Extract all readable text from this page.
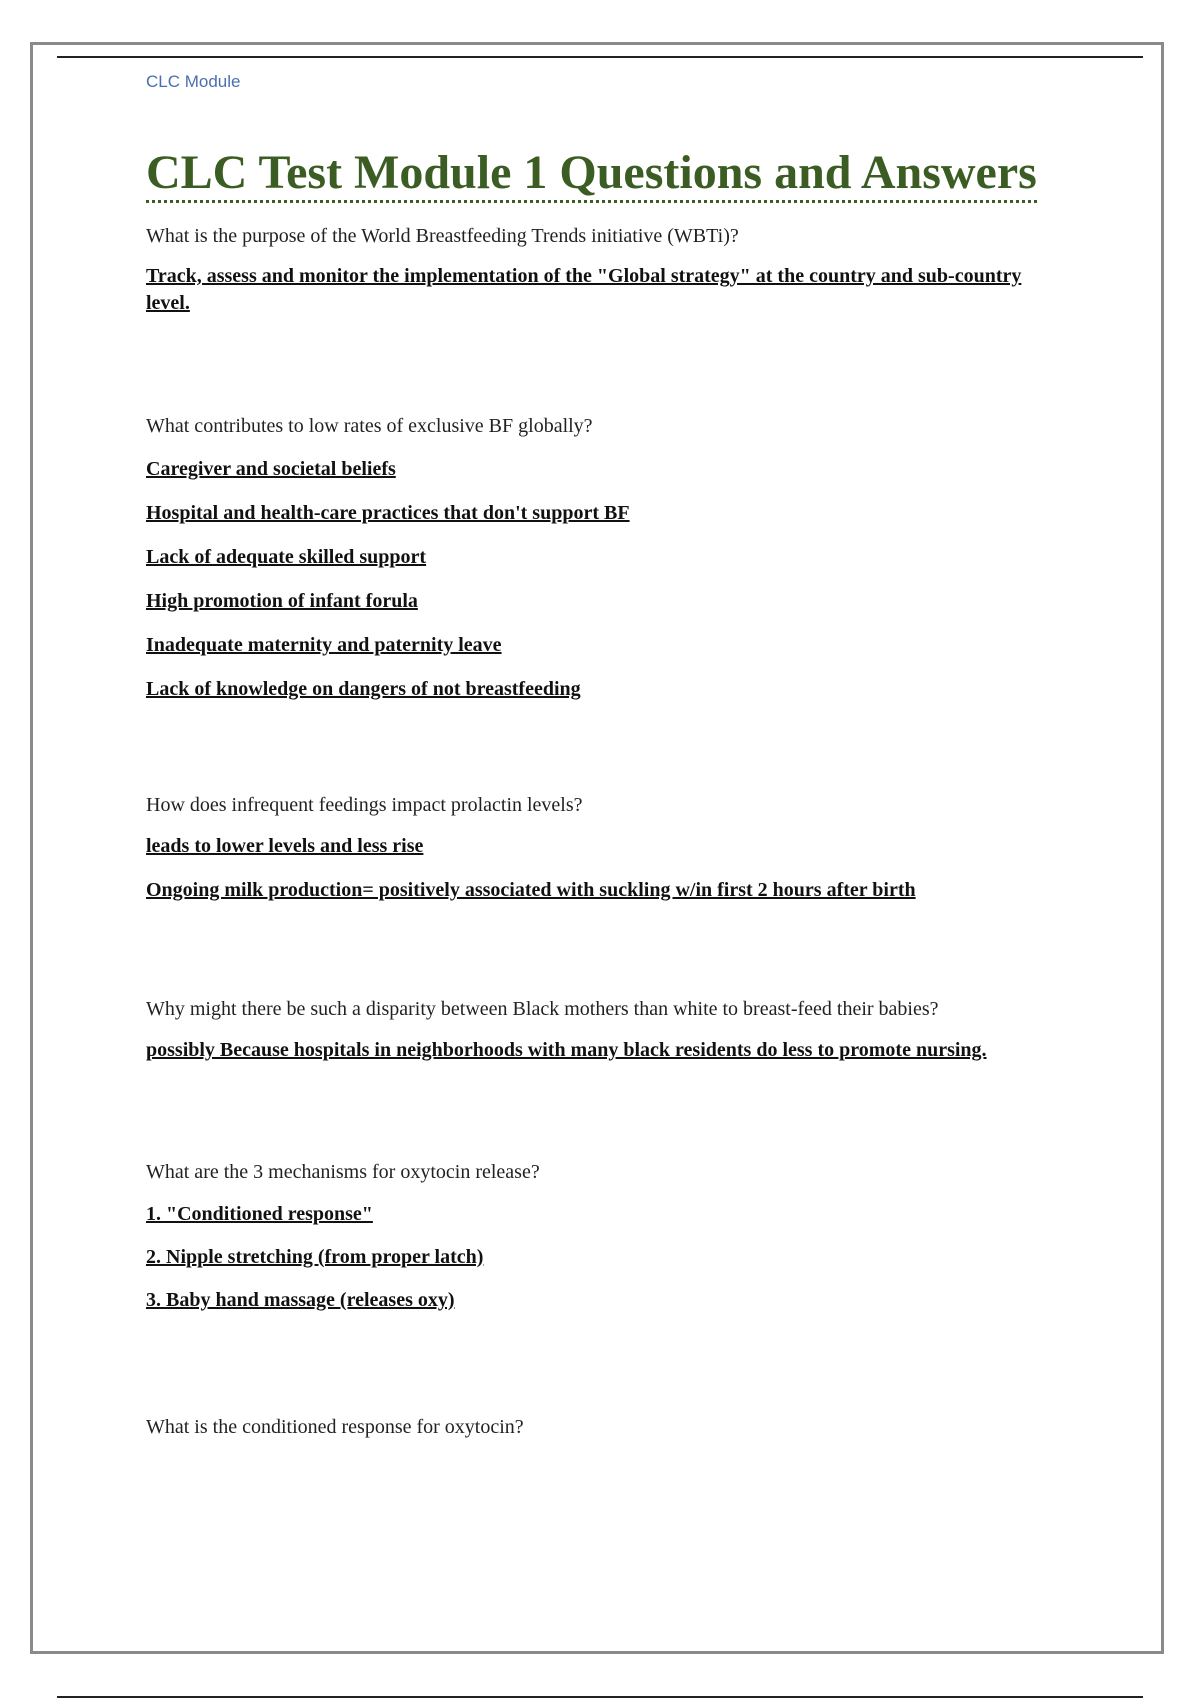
CLC Module

CLC Test Module 1 Questions and Answers

What is the purpose of the World Breastfeeding Trends initiative (WBTi)?

Track, assess and monitor the implementation of the "Global strategy" at the country and sub-country level.

What contributes to low rates of exclusive BF globally?

Caregiver and societal beliefs

Hospital and health-care practices that don't support BF

Lack of adequate skilled support

High promotion of infant forula

Inadequate maternity and paternity leave

Lack of knowledge on dangers of not breastfeeding

How does infrequent feedings impact prolactin levels?

leads to lower levels and less rise

Ongoing milk production= positively associated with suckling w/in first 2 hours after birth

Why might there be such a disparity between Black mothers than white to breast-feed their babies?

possibly Because hospitals in neighborhoods with many black residents do less to promote nursing.

What are the 3 mechanisms for oxytocin release?

1. "Conditioned response"

2. Nipple stretching (from proper latch)

3. Baby hand massage (releases oxy)

What is the conditioned response for oxytocin?
